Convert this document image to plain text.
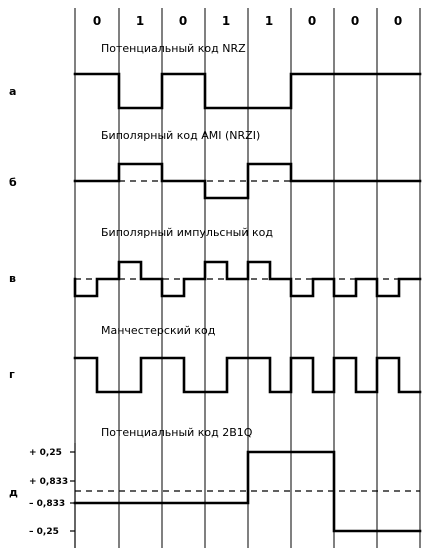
0	1	0	1	1	0	0	0
Потенциальный код NRZ
а
Биполярный код AMI (NRZI)
б
Биполярный импульсный код
в
Манчестерский код
г
Потенциальный код 2B1Q
д
+ 0,25
+ 0,833
– 0,833
– 0,25
